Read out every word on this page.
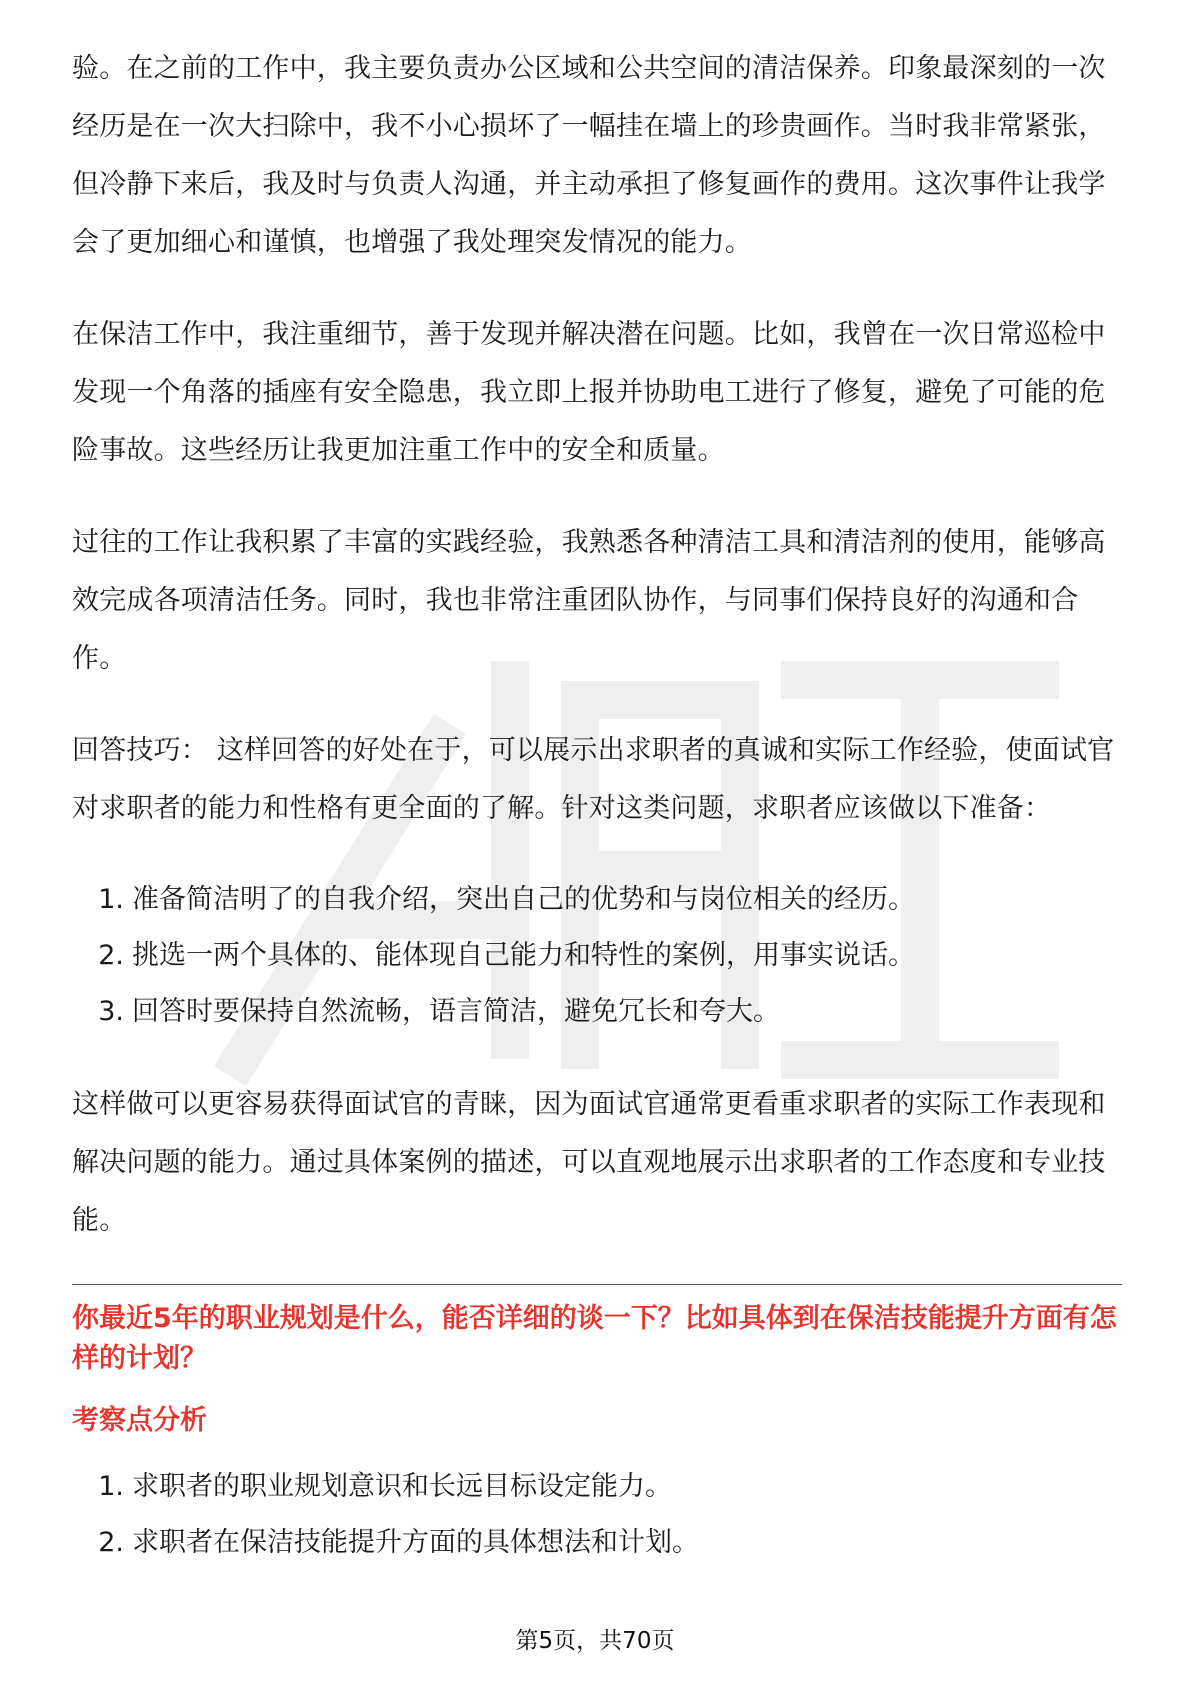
验。在之前的工作中，我主要负责办公区域和公共空间的清洁保养。印象最深刻的一次经历是在一次大扫除中，我不小心损坏了一幅挂在墙上的珍贵画作。当时我非常紧张，但冷静下来后，我及时与负责人沟通，并主动承担了修复画作的费用。这次事件让我学会了更加细心和谨慎，也增强了我处理突发情况的能力。

在保洁工作中，我注重细节，善于发现并解决潜在问题。比如，我曾在一次日常巡检中发现一个角落的插座有安全隐患，我立即上报并协助电工进行了修复，避免了可能的危险事故。这些经历让我更加注重工作中的安全和质量。

过往的工作让我积累了丰富的实践经验，我熟悉各种清洁工具和清洁剂的使用，能够高效完成各项清洁任务。同时，我也非常注重团队协作，与同事们保持良好的沟通和合作。

回答技巧： 这样回答的好处在于，可以展示出求职者的真诚和实际工作经验，使面试官对求职者的能力和性格有更全面的了解。针对这类问题，求职者应该做以下准备：

1. 准备简洁明了的自我介绍，突出自己的优势和与岗位相关的经历。
2. 挑选一两个具体的、能体现自己能力和特性的案例，用事实说话。
3. 回答时要保持自然流畅，语言简洁，避免冗长和夸大。

这样做可以更容易获得面试官的青睐，因为面试官通常更看重求职者的实际工作表现和解决问题的能力。通过具体案例的描述，可以直观地展示出求职者的工作态度和专业技能。

你最近5年的职业规划是什么，能否详细的谈一下？比如具体到在保洁技能提升方面有怎样的计划？
考察点分析
1. 求职者的职业规划意识和长远目标设定能力。
2. 求职者在保洁技能提升方面的具体想法和计划。
第5页，共70页
